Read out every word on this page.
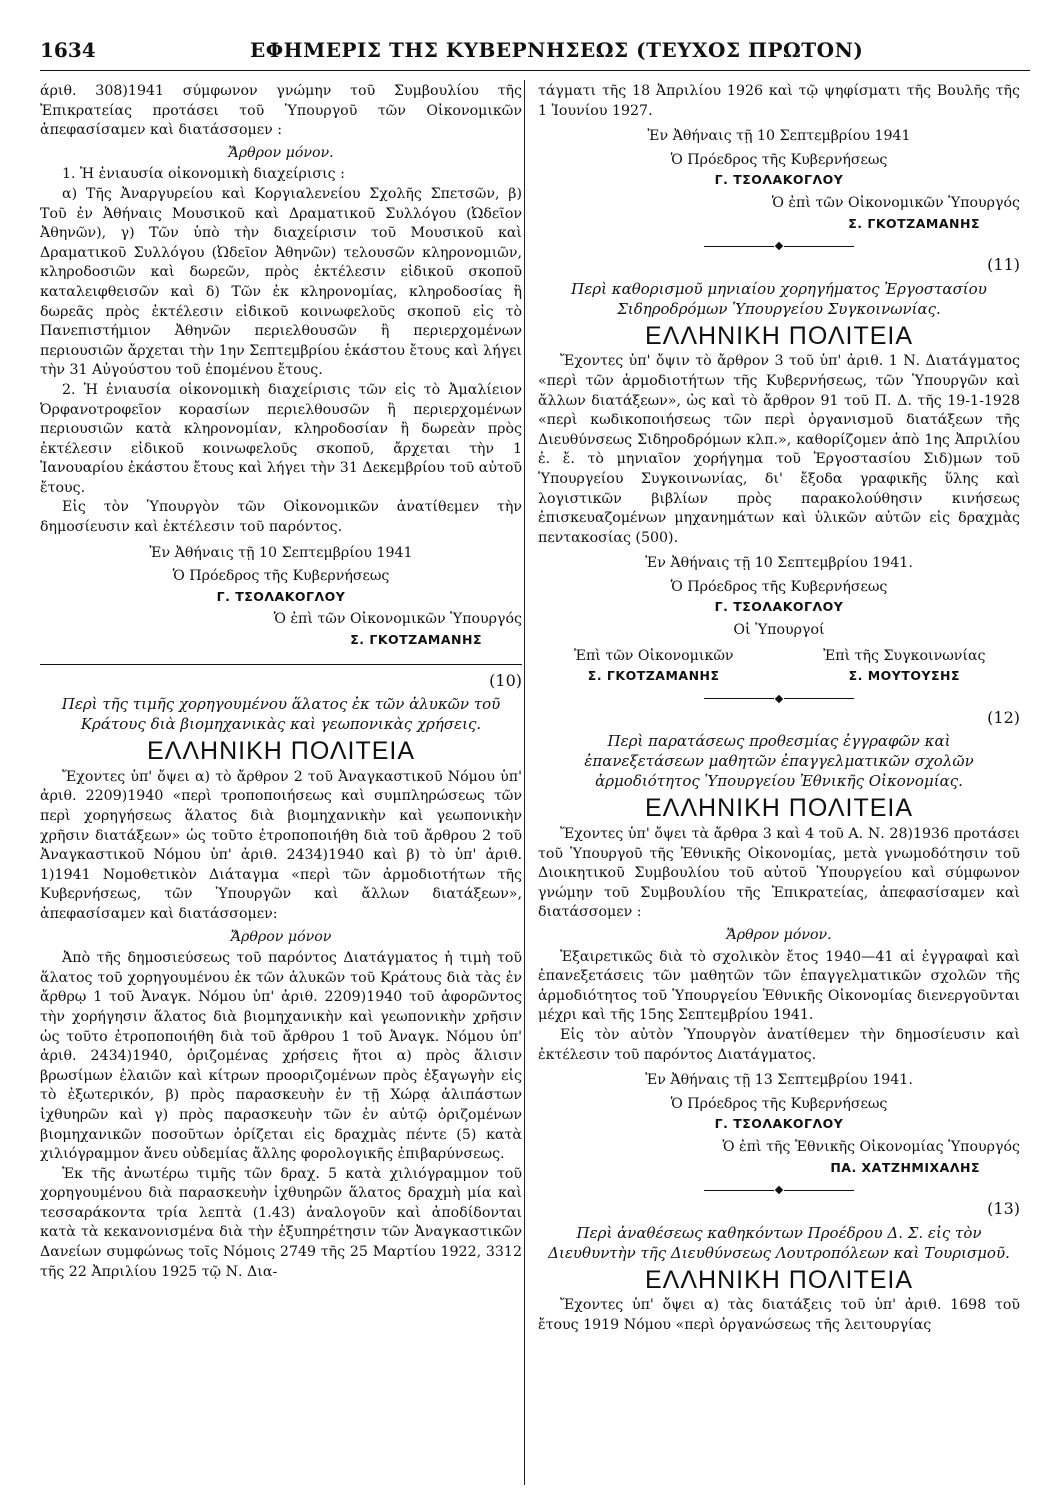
1634	ΕΦΗΜΕΡΙΣ ΤΗΣ ΚΥΒΕΡΝΗΣΕΩΣ (ΤΕΥΧΟΣ ΠΡΩΤΟΝ)

άριθ. 308)1941 σύμφωνον γνώμην τοῦ Συμβουλίου τῆς Ἐπικρατείας προτάσει τοῦ Ὑπουργοῦ τῶν Οἰκονομικῶν ἀπεφασίσαμεν καὶ διατάσσομεν :

Ἄρθρον μόνον.

1. Ἡ ἐνιαυσία οἰκονομικὴ διαχείρισις :

α) Τῆς Ἀναργυρείου καὶ Κοργιαλενείου Σχολῆς Σπετσῶν, β) Τοῦ ἐν Ἀθήναις Μουσικοῦ καὶ Δραματικοῦ Συλλόγου (Ὠδεῖον Ἀθηνῶν), γ) Τῶν ὑπὸ τὴν διαχείρισιν τοῦ Μουσικοῦ καὶ Δραματικοῦ Συλλόγου (Ὠδεῖον Ἀθηνῶν) τελουσῶν κληρονομιῶν, κληροδοσιῶν καὶ δωρεῶν, πρὸς ἐκτέλεσιν εἰδικοῦ σκοποῦ καταλειφθεισῶν καὶ δ) Τῶν ἐκ κληρονομίας, κληροδοσίας ἢ δωρεᾶς πρὸς ἐκτέλεσιν εἰδικοῦ κοινωφελοῦς σκοποῦ εἰς τὸ Πανεπιστήμιον Ἀθηνῶν περιελθουσῶν ἢ περιερχομένων περιουσιῶν ἄρχεται τὴν 1ην Σεπτεμβρίου ἑκάστου ἔτους καὶ λήγει τὴν 31 Αὐγούστου τοῦ ἑπομένου ἔτους.

2. Ἡ ἐνιαυσία οἰκονομικὴ διαχείρισις τῶν εἰς τὸ Ἀμαλίειον Ὀρφανοτροφεῖον κορασίων περιελθουσῶν ἢ περιερχομένων περιουσιῶν κατὰ κληρονομίαν, κληροδοσίαν ἢ δωρεὰν πρὸς ἐκτέλεσιν εἰδικοῦ κοινωφελοῦς σκοποῦ, ἄρχεται τὴν 1 Ἰανουαρίου ἑκάστου ἔτους καὶ λήγει τὴν 31 Δεκεμβρίου τοῦ αὐτοῦ ἔτους.

Εἰς τὸν Ὑπουργὸν τῶν Οἰκονομικῶν ἀνατίθεμεν τὴν δημοσίευσιν καὶ ἐκτέλεσιν τοῦ παρόντος.

Ἐν Ἀθήναις τῇ 10 Σεπτεμβρίου 1941

Ὁ Πρόεδρος τῆς Κυβερνήσεως

Γ. ΤΣΟΛΑΚΟΓΛΟΥ

Ὁ ἐπὶ τῶν Οἰκονομικῶν Ὑπουργός

Σ. ΓΚΟΤΖΑΜΑΝΗΣ

(10)

Περὶ τῆς τιμῆς χορηγουμένου ἅλατος ἐκ τῶν ἁλυκῶν τοῦ Κράτους διὰ βιομηχανικὰς καὶ γεωπονικὰς χρήσεις.

ΕΛΛΗΝΙΚΗ ΠΟΛΙΤΕΙΑ

Ἔχοντες ὑπ' ὄψει α) τὸ ἄρθρον 2 τοῦ Ἀναγκαστικοῦ Νόμου ὑπ' ἀριθ. 2209)1940 «περὶ τροποποιήσεως καὶ συμπληρώσεως τῶν περὶ χορηγήσεως ἅλατος διὰ βιομηχανικὴν καὶ γεωπονικὴν χρῆσιν διατάξεων» ὡς τοῦτο ἐτροποποιήθη διὰ τοῦ ἄρθρου 2 τοῦ Ἀναγκαστικοῦ Νόμου ὑπ' ἀριθ. 2434)1940 καὶ β) τὸ ὑπ' ἀριθ. 1)1941 Νομοθετικὸν Διάταγμα «περὶ τῶν ἁρμοδιοτήτων τῆς Κυβερνήσεως, τῶν Ὑπουργῶν καὶ ἄλλων διατάξεων», ἀπεφασίσαμεν καὶ διατάσσομεν:

Ἄρθρον μόνον

Ἀπὸ τῆς δημοσιεύσεως τοῦ παρόντος Διατάγματος ἡ τιμὴ τοῦ ἅλατος τοῦ χορηγουμένου ἐκ τῶν ἁλυκῶν τοῦ Κράτους διὰ τὰς ἐν ἄρθρῳ 1 τοῦ Ἀναγκ. Νόμου ὑπ' ἀριθ. 2209)1940 τοῦ ἀφορῶντος τὴν χορήγησιν ἅλατος διὰ βιομηχανικὴν καὶ γεωπονικὴν χρῆσιν ὡς τοῦτο ἐτροποποιήθη διὰ τοῦ ἄρθρου 1 τοῦ Ἀναγκ. Νόμου ὑπ' ἀριθ. 2434)1940, ὁριζομένας χρήσεις ἤτοι α) πρὸς ἅλισιν βρωσίμων ἐλαιῶν καὶ κίτρων προοριζομένων πρὸς ἐξαγωγὴν εἰς τὸ ἐξωτερικόν, β) πρὸς παρασκευὴν ἐν τῇ Χώρᾳ ἁλιπάστων ἰχθυηρῶν καὶ γ) πρὸς παρασκευὴν τῶν ἐν αὐτῷ ὁριζομένων βιομηχανικῶν ποσοῦτων ὁρίζεται εἰς δραχμὰς πέντε (5) κατὰ χιλιόγραμμον ἄνευ οὐδεμίας ἄλλης φορολογικῆς ἐπιβαρύνσεως.

Ἐκ τῆς ἀνωτέρω τιμῆς τῶν δραχ. 5 κατὰ χιλιόγραμμον τοῦ χορηγουμένου διὰ παρασκευὴν ἰχθυηρῶν ἅλατος δραχμὴ μία καὶ τεσσαράκοντα τρία λεπτὰ (1.43) ἀναλογοῦν καὶ ἀποδίδονται κατὰ τὰ κεκανονισμένα διὰ τὴν ἐξυπηρέτησιν τῶν Ἀναγκαστικῶν Δανείων συμφώνως τοῖς Νόμοις 2749 τῆς 25 Μαρτίου 1922, 3312 τῆς 22 Ἀπριλίου 1925 τῷ Ν. Δια-

τάγματι τῆς 18 Ἀπριλίου 1926 καὶ τῷ ψηφίσματι τῆς Βουλῆς τῆς 1 Ἰουνίου 1927.

Ἐν Ἀθήναις τῇ 10 Σεπτεμβρίου 1941

Ὁ Πρόεδρος τῆς Κυβερνήσεως

Γ. ΤΣΟΛΑΚΟΓΛΟΥ

Ὁ ἐπὶ τῶν Οἰκονομικῶν Ὑπουργός

Σ. ΓΚΟΤΖΑΜΑΝΗΣ

(11)

Περὶ καθορισμοῦ μηνιαίου χορηγήματος Ἐργοστασίου Σιδηροδρόμων Ὑπουργείου Συγκοινωνίας.

ΕΛΛΗΝΙΚΗ ΠΟΛΙΤΕΙΑ

Ἔχοντες ὑπ' ὄψιν τὸ ἄρθρον 3 τοῦ ὑπ' ἀριθ. 1 Ν. Διατάγματος «περὶ τῶν ἁρμοδιοτήτων τῆς Κυβερνήσεως, τῶν Ὑπουργῶν καὶ ἄλλων διατάξεων», ὡς καὶ τὸ ἄρθρον 91 τοῦ Π. Δ. τῆς 19-1-1928 «περὶ κωδικοποιήσεως τῶν περὶ ὀργανισμοῦ διατάξεων τῆς Διευθύνσεως Σιδηροδρόμων κλπ.», καθορίζομεν ἀπὸ 1ης Ἀπριλίου ἐ. ἔ. τὸ μηνιαῖον χορήγημα τοῦ Ἐργοστασίου Σιδ)μων τοῦ Ὑπουργείου Συγκοινωνίας, δι' ἔξοδα γραφικῆς ὕλης καὶ λογιστικῶν βιβλίων πρὸς παρακολούθησιν κινήσεως ἐπισκευαζομένων μηχανημάτων καὶ ὑλικῶν αὐτῶν εἰς δραχμὰς πεντακοσίας (500).

Ἐν Ἀθήναις τῇ 10 Σεπτεμβρίου 1941.

Ὁ Πρόεδρος τῆς Κυβερνήσεως

Γ. ΤΣΟΛΑΚΟΓΛΟΥ

Οἱ Ὑπουργοί

Ἐπὶ τῶν Οἰκονομικῶν

Σ. ΓΚΟΤΖΑΜΑΝΗΣ

Ἐπὶ τῆς Συγκοινωνίας

Σ. ΜΟΥΤΟΥΣΗΣ

(12)

Περὶ παρατάσεως προθεσμίας ἐγγραφῶν καὶ ἐπανεξετάσεων μαθητῶν ἐπαγγελματικῶν σχολῶν ἁρμοδιότητος Ὑπουργείου Ἐθνικῆς Οἰκονομίας.

ΕΛΛΗΝΙΚΗ ΠΟΛΙΤΕΙΑ

Ἔχοντες ὑπ' ὄψει τὰ ἄρθρα 3 καὶ 4 τοῦ Α. Ν. 28)1936 προτάσει τοῦ Ὑπουργοῦ τῆς Ἐθνικῆς Οἰκονομίας, μετὰ γνωμοδότησιν τοῦ Διοικητικοῦ Συμβουλίου τοῦ αὐτοῦ Ὑπουργείου καὶ σύμφωνον γνώμην τοῦ Συμβουλίου τῆς Ἐπικρατείας, ἀπεφασίσαμεν καὶ διατάσσομεν :

Ἄρθρον μόνον.

Ἐξαιρετικῶς διὰ τὸ σχολικὸν ἔτος 1940—41 αἱ ἐγγραφαὶ καὶ ἐπανεξετάσεις τῶν μαθητῶν τῶν ἐπαγγελματικῶν σχολῶν τῆς ἁρμοδιότητος τοῦ Ὑπουργείου Ἐθνικῆς Οἰκονομίας διενεργοῦνται μέχρι καὶ τῆς 15ης Σεπτεμβρίου 1941.

Εἰς τὸν αὐτὸν Ὑπουργὸν ἀνατίθεμεν τὴν δημοσίευσιν καὶ ἐκτέλεσιν τοῦ παρόντος Διατάγματος.

Ἐν Ἀθήναις τῇ 13 Σεπτεμβρίου 1941.

Ὁ Πρόεδρος τῆς Κυβερνήσεως

Γ. ΤΣΟΛΑΚΟΓΛΟΥ

Ὁ ἐπὶ τῆς Ἐθνικῆς Οἰκονομίας Ὑπουργός

ΠΑ. ΧΑΤΖΗΜΙΧΑΛΗΣ

(13)

Περὶ ἀναθέσεως καθηκόντων Προέδρου Δ. Σ. εἰς τὸν Διευθυντὴν τῆς Διευθύνσεως Λουτροπόλεων καὶ Τουρισμοῦ.

ΕΛΛΗΝΙΚΗ ΠΟΛΙΤΕΙΑ

Ἔχοντες ὑπ' ὄψει α) τὰς διατάξεις τοῦ ὑπ' ἀριθ. 1698 τοῦ ἔτους 1919 Νόμου «περὶ ὀργανώσεως τῆς λειτουργίας
